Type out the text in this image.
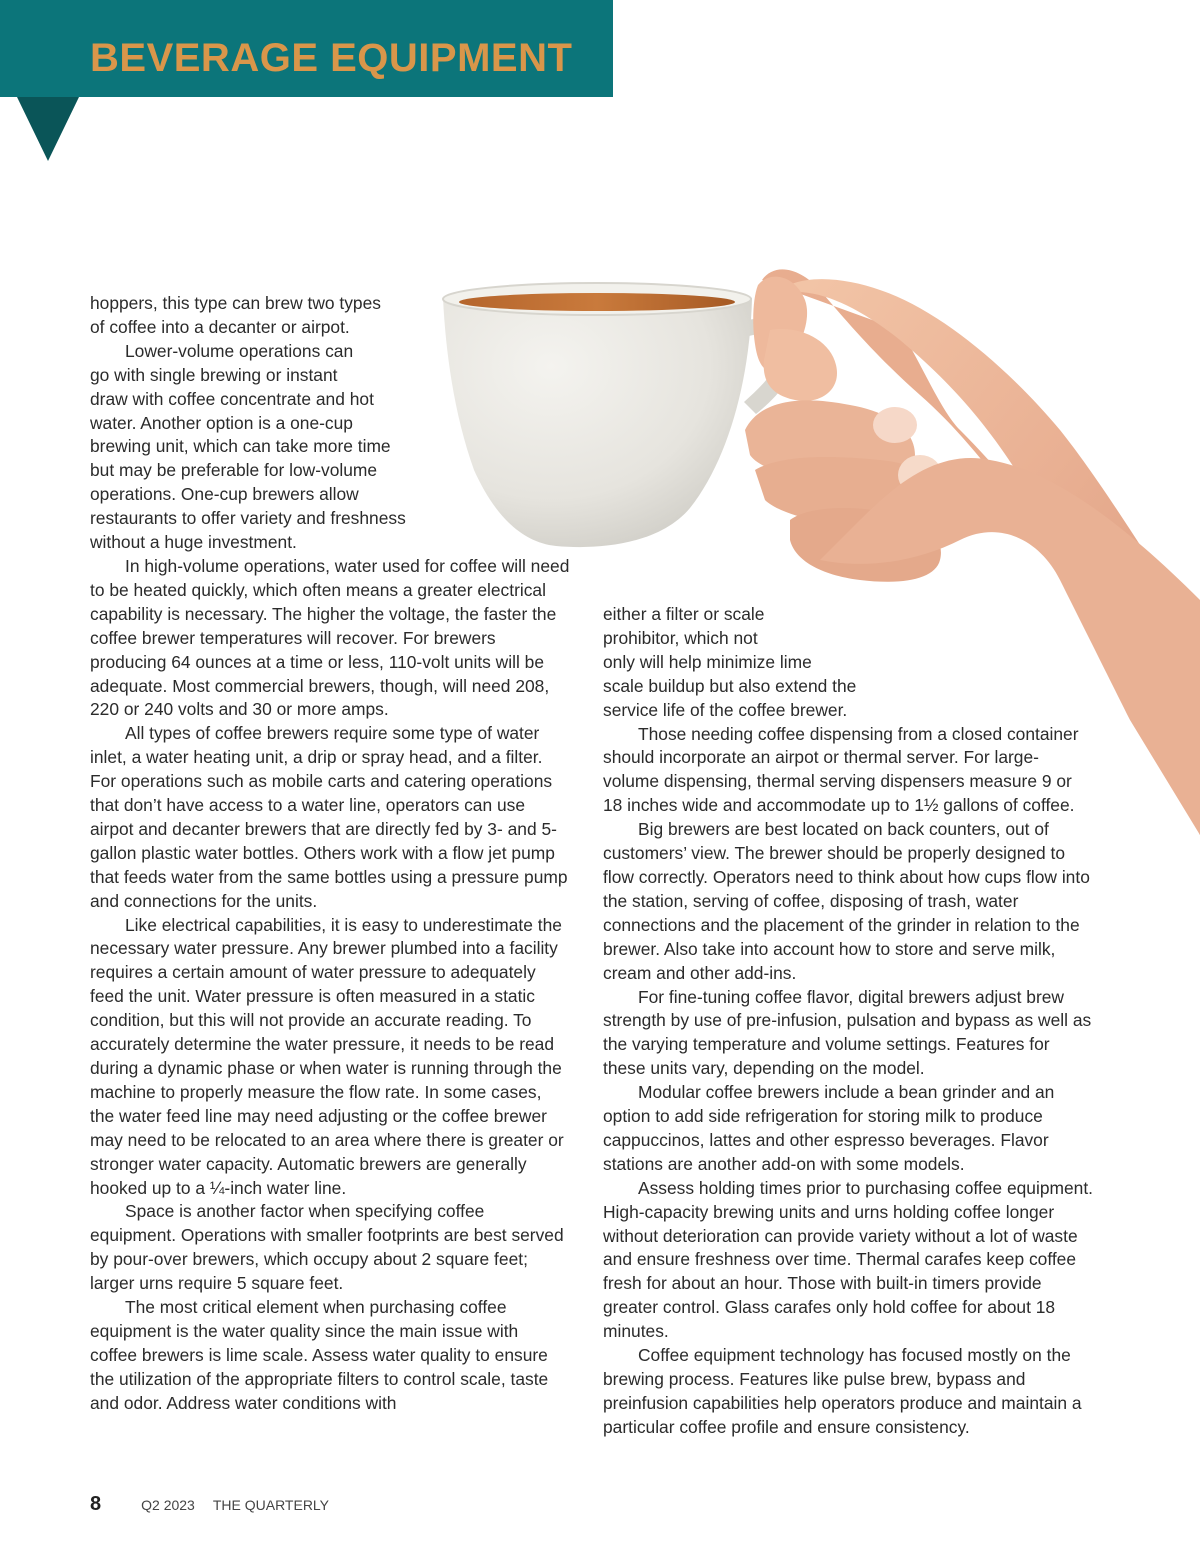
BEVERAGE EQUIPMENT

hoppers, this type can brew two types

of coffee into a decanter or airpot.

Lower-volume operations can

go with single brewing or instant

draw with coffee concentrate and hot

water. Another option is a one-cup

brewing unit, which can take more time

but may be preferable for low-volume

operations. One-cup brewers allow

restaurants to offer variety and freshness

without a huge investment.

In high-volume operations, water used for coffee will need to be heated quickly, which often means a greater electrical capability is necessary. The higher the voltage, the faster the coffee brewer temperatures will recover. For brewers producing 64 ounces at a time or less, 110-volt units will be adequate. Most commercial brewers, though, will need 208, 220 or 240 volts and 30 or more amps.

All types of coffee brewers require some type of water inlet, a water heating unit, a drip or spray head, and a filter. For operations such as mobile carts and catering operations that don’t have access to a water line, operators can use airpot and decanter brewers that are directly fed by 3- and 5-gallon plastic water bottles. Others work with a flow jet pump that feeds water from the same bottles using a pressure pump and connections for the units.

Like electrical capabilities, it is easy to underestimate the necessary water pressure. Any brewer plumbed into a facility requires a certain amount of water pressure to adequately feed the unit. Water pressure is often measured in a static condition, but this will not provide an accurate reading. To accurately determine the water pressure, it needs to be read during a dynamic phase or when water is running through the machine to properly measure the flow rate. In some cases, the water feed line may need adjusting or the coffee brewer may need to be relocated to an area where there is greater or stronger water capacity. Automatic brewers are generally hooked up to a ¼-inch water line.

Space is another factor when specifying coffee equipment. Operations with smaller footprints are best served by pour-over brewers, which occupy about 2 square feet; larger urns require 5 square feet.

The most critical element when purchasing coffee equipment is the water quality since the main issue with coffee brewers is lime scale. Assess water quality to ensure the utilization of the appropriate filters to control scale, taste and odor. Address water conditions with

either a filter or scale

prohibitor, which not

only will help minimize lime

scale buildup but also extend the

service life of the coffee brewer.

Those needing coffee dispensing from a closed container should incorporate an airpot or thermal server. For large-volume dispensing, thermal serving dispensers measure 9 or 18 inches wide and accommodate up to 1½ gallons of coffee.

Big brewers are best located on back counters, out of customers’ view. The brewer should be properly designed to flow correctly. Operators need to think about how cups flow into the station, serving of coffee, disposing of trash, water connections and the placement of the grinder in relation to the brewer. Also take into account how to store and serve milk, cream and other add-ins.

For fine-tuning coffee flavor, digital brewers adjust brew strength by use of pre-infusion, pulsation and bypass as well as the varying temperature and volume settings. Features for these units vary, depending on the model.

Modular coffee brewers include a bean grinder and an option to add side refrigeration for storing milk to produce cappuccinos, lattes and other espresso beverages. Flavor stations are another add-on with some models.

Assess holding times prior to purchasing coffee equipment. High-capacity brewing units and urns holding coffee longer without deterioration can provide variety without a lot of waste and ensure freshness over time. Thermal carafes keep coffee fresh for about an hour. Those with built-in timers provide greater control. Glass carafes only hold coffee for about 18 minutes.

Coffee equipment technology has focused mostly on the brewing process. Features like pulse brew, bypass and preinfusion capabilities help operators produce and maintain a particular coffee profile and ensure consistency.

8	Q2 2023 THE QUARTERLY
